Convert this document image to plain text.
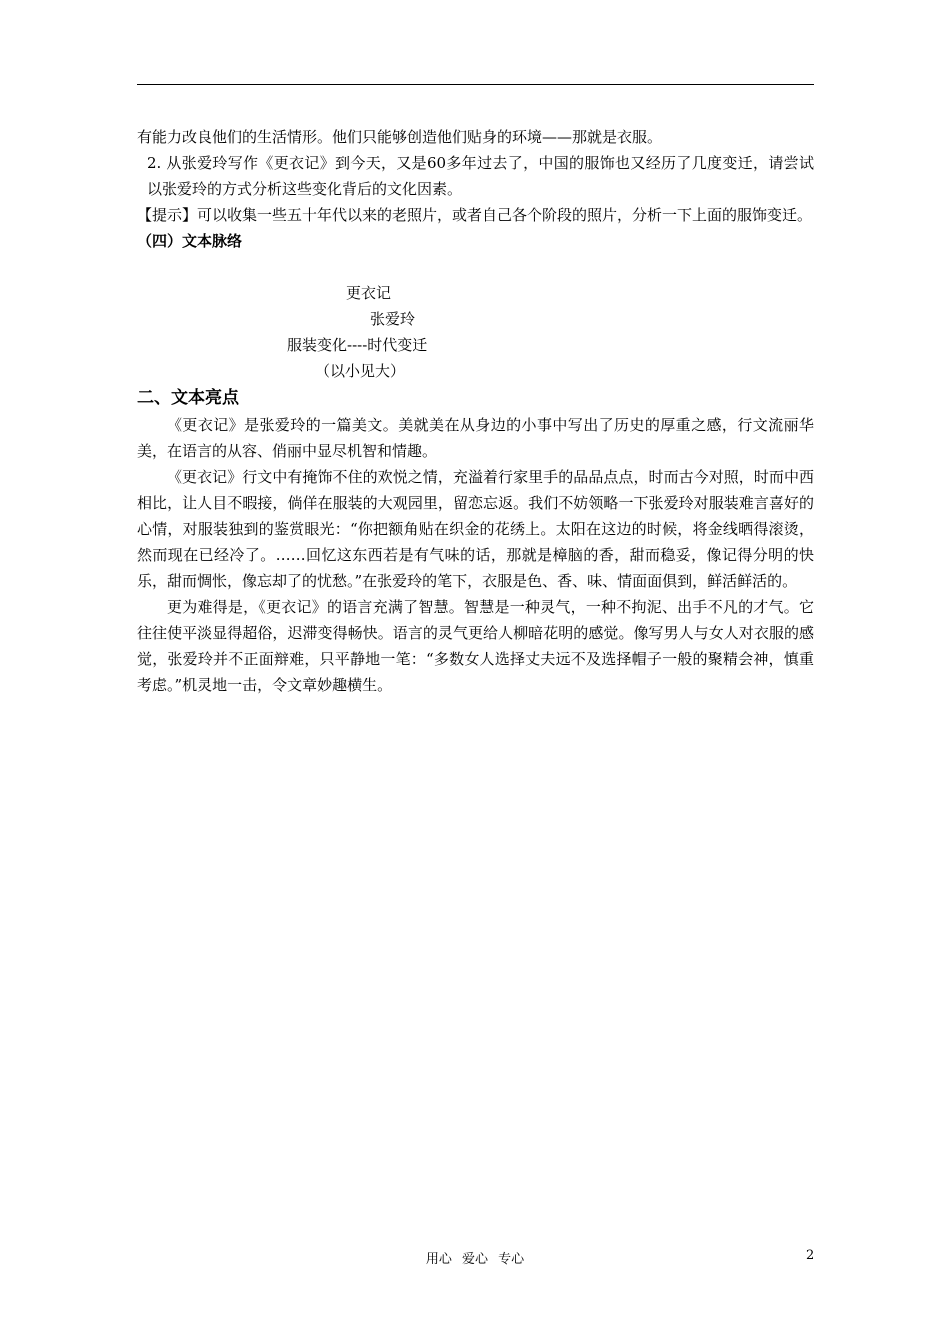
有能力改良他们的生活情形。他们只能够创造他们贴身的环境——那就是衣服。

2. 从张爱玲写作《更衣记》到今天，又是60多年过去了，中国的服饰也又经历了几度变迁，请尝试以张爱玲的方式分析这些变化背后的文化因素。

【提示】可以收集一些五十年代以来的老照片，或者自己各个阶段的照片，分析一下上面的服饰变迁。

（四）文本脉络

更衣记
张爱玲
服装变化----时代变迁
（以小见大）

二、文本亮点

《更衣记》是张爱玲的一篇美文。美就美在从身边的小事中写出了历史的厚重之感，行文流丽华美，在语言的从容、俏丽中显尽机智和情趣。

《更衣记》行文中有掩饰不住的欢悦之情，充溢着行家里手的品品点点，时而古今对照，时而中西相比，让人目不暇接，倘佯在服装的大观园里，留恋忘返。我们不妨领略一下张爱玲对服装难言喜好的心情，对服装独到的鉴赏眼光：“你把额角贴在织金的花绣上。太阳在这边的时候，将金线晒得滚烫，然而现在已经冷了。……回忆这东西若是有气味的话，那就是樟脑的香，甜而稳妥，像记得分明的快乐，甜而惆怅，像忘却了的忧愁。”在张爱玲的笔下，衣服是色、香、味、情面面俱到，鲜活鲜活的。

更为难得是，《更衣记》的语言充满了智慧。智慧是一种灵气，一种不拘泥、出手不凡的才气。它往往使平淡显得超俗，迟滞变得畅快。语言的灵气更给人柳暗花明的感觉。像写男人与女人对衣服的感觉，张爱玲并不正面辩难，只平静地一笔：“多数女人选择丈夫远不及选择帽子一般的聚精会神，慎重考虑。”机灵地一击，令文章妙趣横生。

用心 爱心 专心	2
